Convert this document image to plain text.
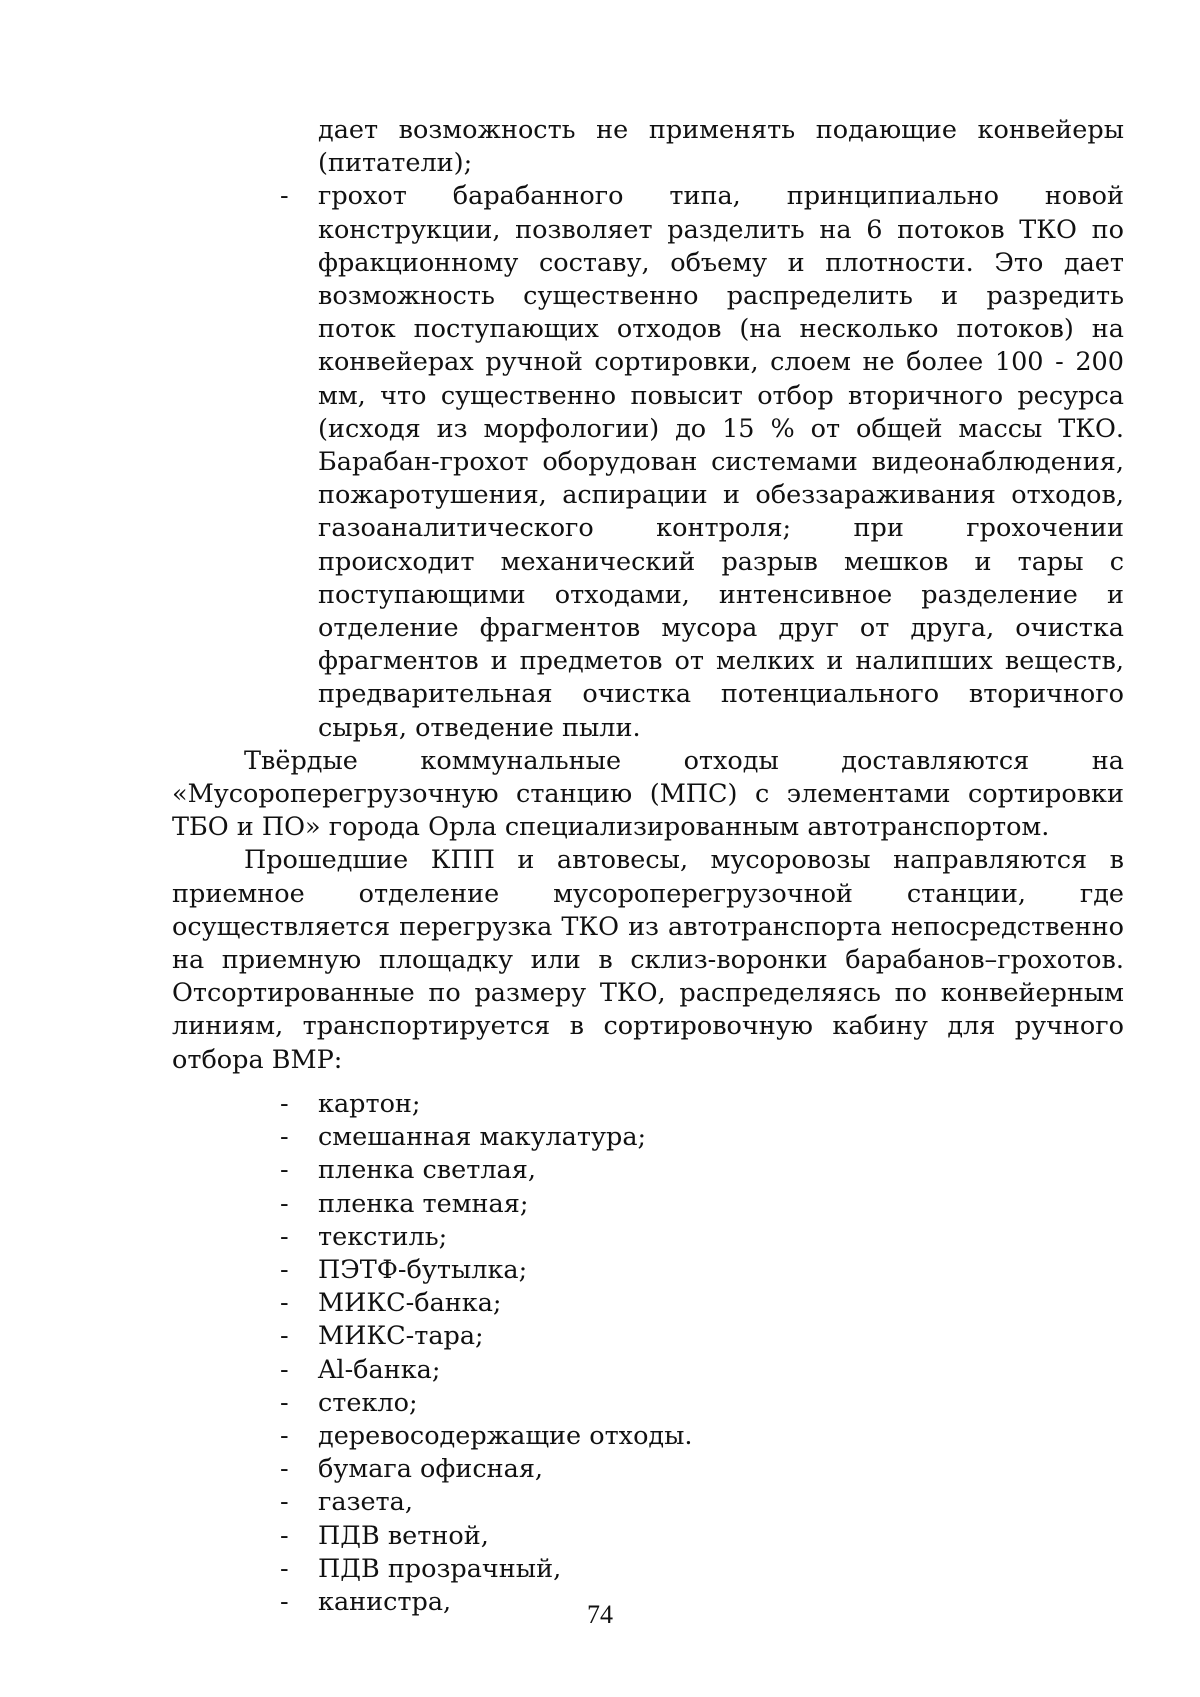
дает возможность не применять подающие конвейеры (питатели);
- грохот барабанного типа, принципиально новой конструкции, позволяет разделить на 6 потоков ТКО по фракционному составу, объему и плотности. Это дает возможность существенно распределить и разредить поток поступающих отходов (на несколько потоков) на конвейерах ручной сортировки, слоем не более 100 - 200 мм, что существенно повысит отбор вторичного ресурса (исходя из морфологии) до 15 % от общей массы ТКО. Барабан-грохот оборудован системами видеонаблюдения, пожаротушения, аспирации и обеззараживания отходов, газоаналитического контроля; при грохочении происходит механический разрыв мешков и тары с поступающими отходами, интенсивное разделение и отделение фрагментов мусора друг от друга, очистка фрагментов и предметов от мелких и налипших веществ, предварительная очистка потенциального вторичного сырья, отведение пыли.

Твёрдые коммунальные отходы доставляются на «Мусороперегрузочную станцию (МПС) с элементами сортировки ТБО и ПО» города Орла специализированным автотранспортом.

Прошедшие КПП и автовесы, мусоровозы направляются в приемное отделение мусороперегрузочной станции, где осуществляется перегрузка ТКО из автотранспорта непосредственно на приемную площадку или в склиз-воронки барабанов–грохотов. Отсортированные по размеру ТКО, распределяясь по конвейерным линиям, транспортируется в сортировочную кабину для ручного отбора ВМР:

- картон;
- смешанная макулатура;
- пленка светлая,
- пленка темная;
- текстиль;
- ПЭТФ-бутылка;
- МИКС-банка;
- МИКС-тара;
- Al-банка;
- стекло;
- деревосодержащие отходы.
- бумага офисная,
- газета,
- ПДВ ветной,
- ПДВ прозрачный,
- канистра,	74
